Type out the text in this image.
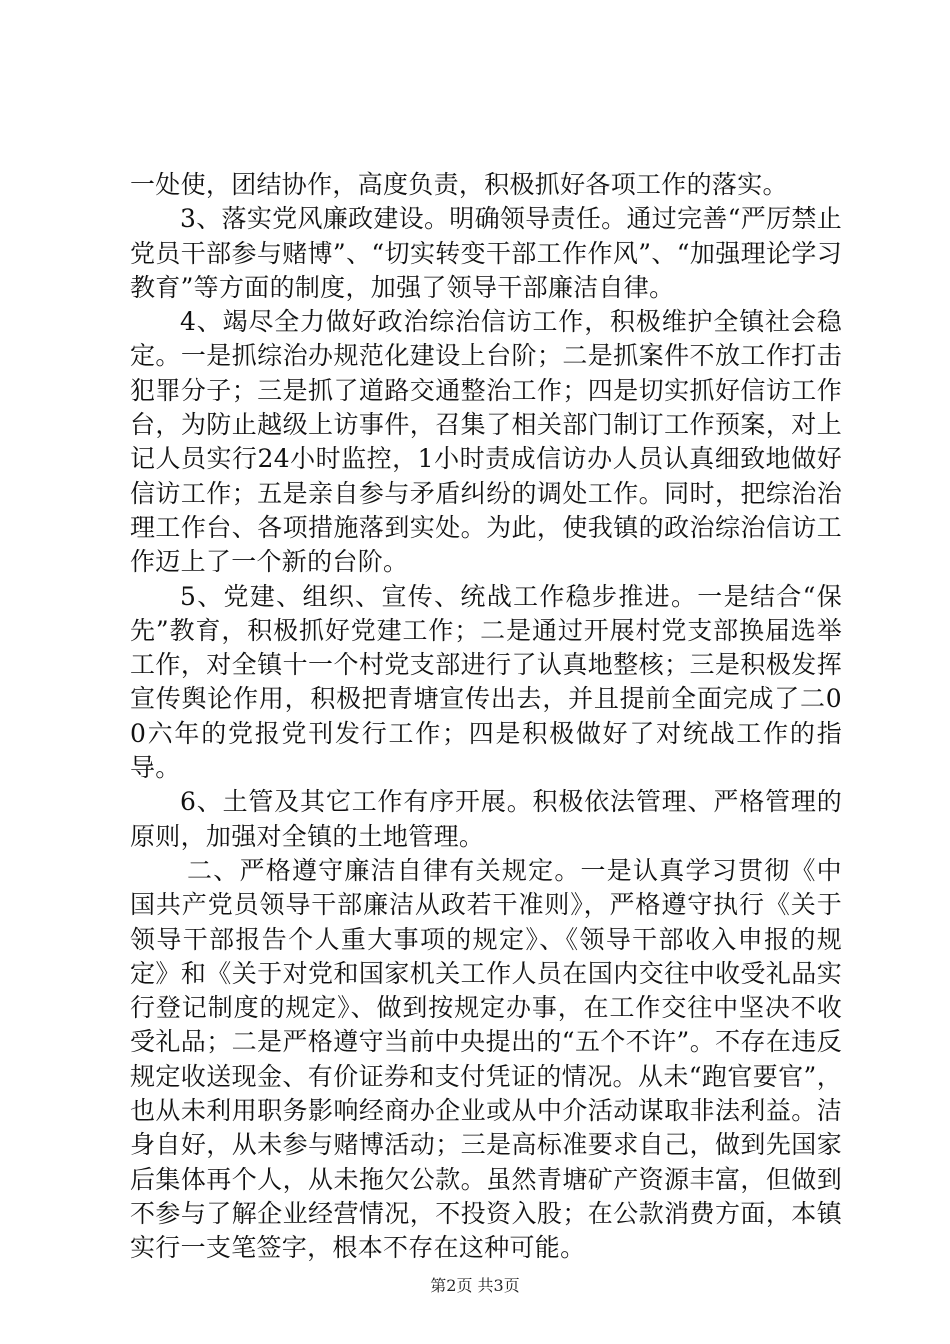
一处使，团结协作，高度负责，积极抓好各项工作的落实。

3、落实党风廉政建设。明确领导责任。通过完善“严厉禁止党员干部参与赌博”、“切实转变干部工作作风”、“加强理论学习教育”等方面的制度，加强了领导干部廉洁自律。

4、竭尽全力做好政治综治信访工作，积极维护全镇社会稳定。一是抓综治办规范化建设上台阶；二是抓案件不放工作打击犯罪分子；三是抓了道路交通整治工作；四是切实抓好信访工作台，为防止越级上访事件，召集了相关部门制订工作预案，对上记人员实行24小时监控，1小时责成信访办人员认真细致地做好信访工作；五是亲自参与矛盾纠纷的调处工作。同时，把综治治理工作台、各项措施落到实处。为此，使我镇的政治综治信访工作迈上了一个新的台阶。

5、党建、组织、宣传、统战工作稳步推进。一是结合“保先”教育，积极抓好党建工作；二是通过开展村党支部换届选举工作，对全镇十一个村党支部进行了认真地整核；三是积极发挥宣传舆论作用，积极把青塘宣传出去，并且提前全面完成了二00六年的党报党刊发行工作；四是积极做好了对统战工作的指导。

6、土管及其它工作有序开展。积极依法管理、严格管理的原则，加强对全镇的土地管理。

二、严格遵守廉洁自律有关规定。一是认真学习贯彻《中国共产党员领导干部廉洁从政若干准则》，严格遵守执行《关于领导干部报告个人重大事项的规定》、《领导干部收入申报的规定》和《关于对党和国家机关工作人员在国内交往中收受礼品实行登记制度的规定》、做到按规定办事，在工作交往中坚决不收受礼品；二是严格遵守当前中央提出的“五个不许”。不存在违反规定收送现金、有价证券和支付凭证的情况。从未“跑官要官”，也从未利用职务影响经商办企业或从中介活动谋取非法利益。洁身自好，从未参与赌博活动；三是高标准要求自己，做到先国家后集体再个人，从未拖欠公款。虽然青塘矿产资源丰富，但做到不参与了解企业经营情况，不投资入股；在公款消费方面，本镇实行一支笔签字，根本不存在这种可能。

第2页 共3页
